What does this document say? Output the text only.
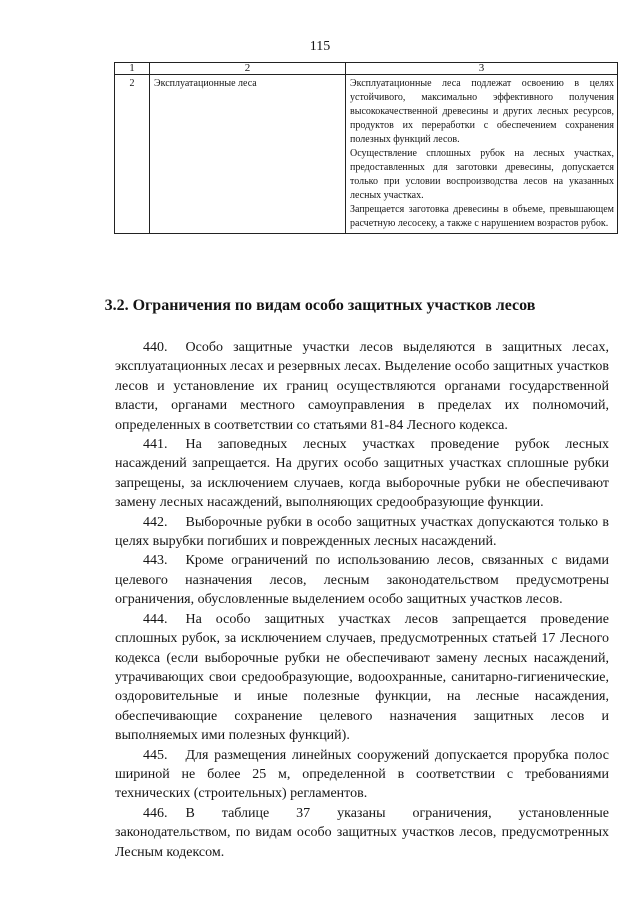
115
1	2	3
2	Эксплуатационные леса	Эксплуатационные леса подлежат освоению в целях устойчивого, максимально эффективного получения высококачественной древесины и других лесных ресурсов, продуктов их переработки с обеспечением сохранения полезных функций лесов.

Осуществление сплошных рубок на лесных участках, предоставленных для заготовки древесины, допускается только при условии воспроизводства лесов на указанных лесных участках.

Запрещается заготовка древесины в объеме, превышающем расчетную лесосеку, а также с нарушением возрастов рубок.

3.2. Ограничения по видам особо защитных участков лесов

440. Особо защитные участки лесов выделяются в защитных лесах, эксплуатационных лесах и резервных лесах. Выделение особо защитных участков лесов и установление их границ осуществляются органами государственной власти, органами местного самоуправления в пределах их полномочий, определенных в соответствии со статьями 81-84 Лесного кодекса.

441. На заповедных лесных участках проведение рубок лесных насаждений запрещается. На других особо защитных участках сплошные рубки запрещены, за исключением случаев, когда выборочные рубки не обеспечивают замену лесных насаждений, выполняющих средообразующие функции.

442. Выборочные рубки в особо защитных участках допускаются только в целях вырубки погибших и поврежденных лесных насаждений.

443. Кроме ограничений по использованию лесов, связанных с видами целевого назначения лесов, лесным законодательством предусмотрены ограничения, обусловленные выделением особо защитных участков лесов.

444. На особо защитных участках лесов запрещается проведение сплошных рубок, за исключением случаев, предусмотренных статьей 17 Лесного кодекса (если выборочные рубки не обеспечивают замену лесных насаждений, утрачивающих свои средообразующие, водоохранные, санитарно-гигиенические, оздоровительные и иные полезные функции, на лесные насаждения, обеспечивающие сохранение целевого назначения защитных лесов и выполняемых ими полезных функций).

445. Для размещения линейных сооружений допускается прорубка полос шириной не более 25 м, определенной в соответствии с требованиями технических (строительных) регламентов.

446. В таблице 37 указаны ограничения, установленные законодательством, по видам особо защитных участков лесов, предусмотренных Лесным кодексом.
